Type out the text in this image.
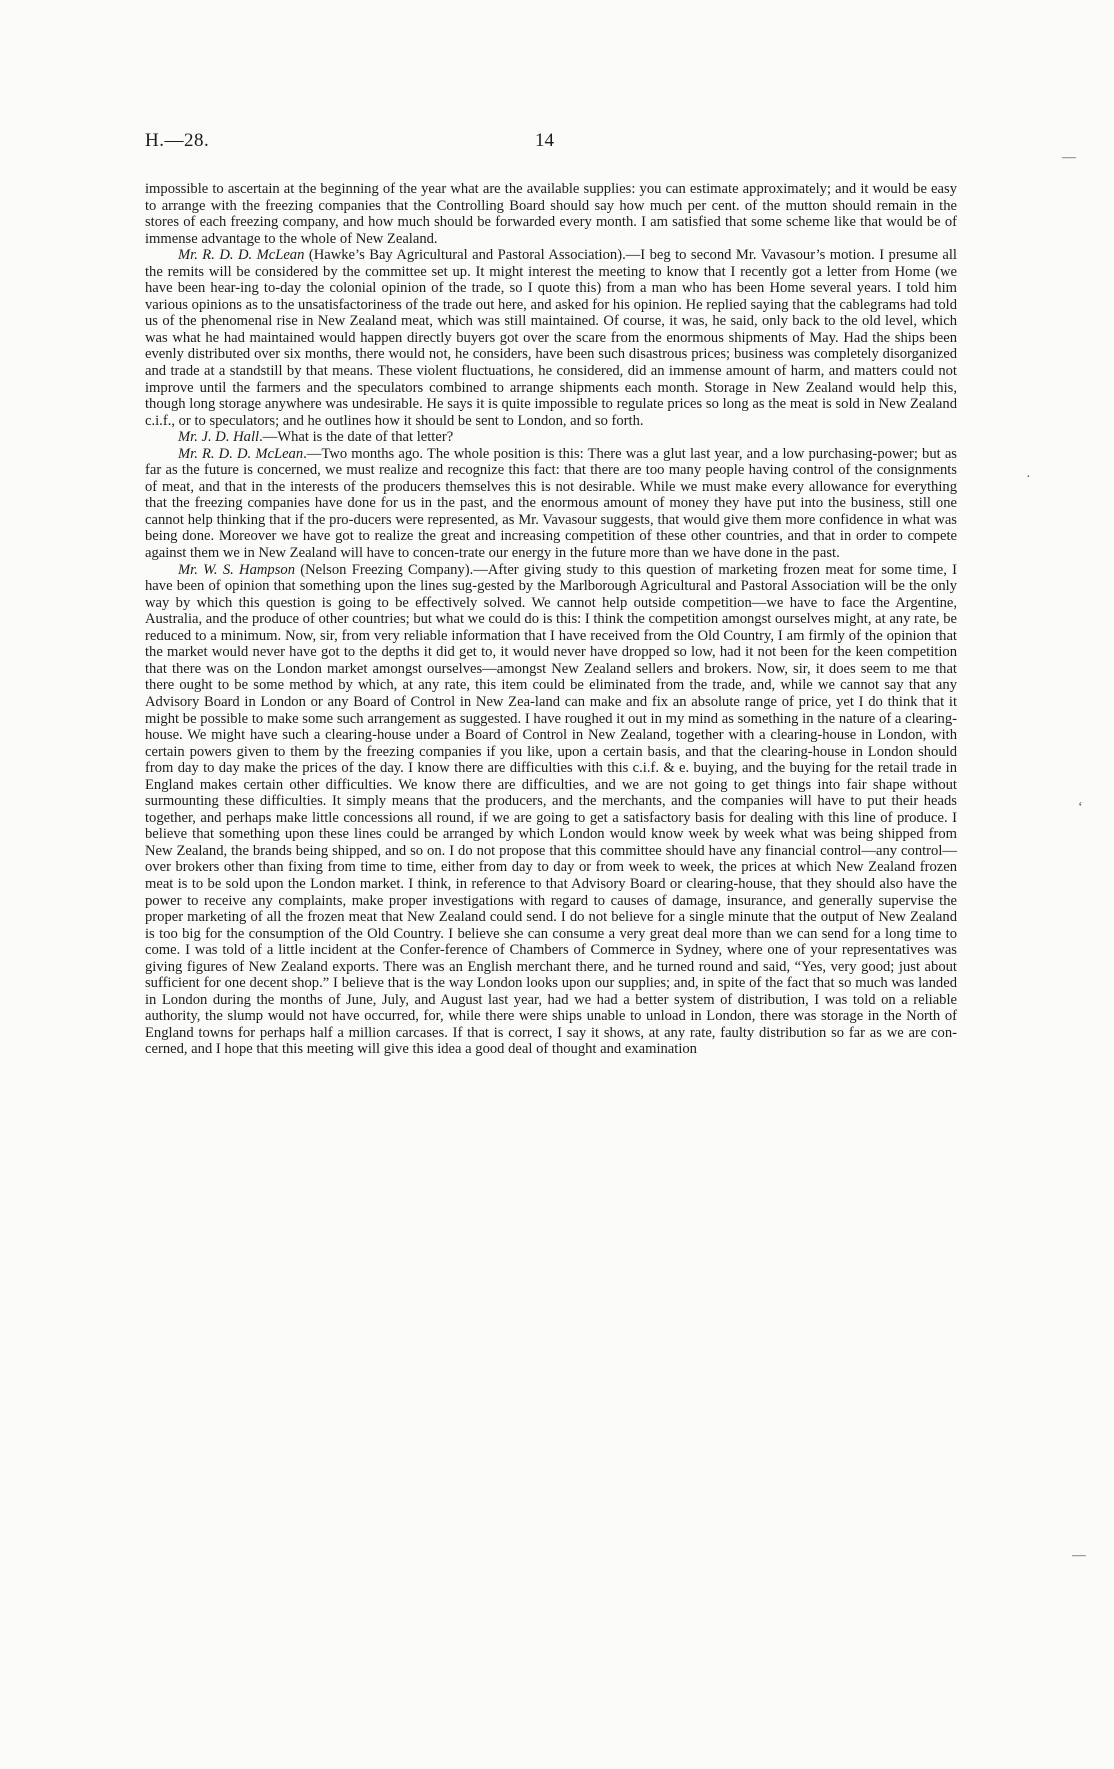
H.—28.	14

impossible to ascertain at the beginning of the year what are the available supplies: you can estimate approximately; and it would be easy to arrange with the freezing companies that the Controlling Board should say how much per cent. of the mutton should remain in the stores of each freezing company, and how much should be forwarded every month. I am satisfied that some scheme like that would be of immense advantage to the whole of New Zealand.

Mr. R. D. D. McLean (Hawke’s Bay Agricultural and Pastoral Association).—I beg to second Mr. Vavasour’s motion. I presume all the remits will be considered by the committee set up. It might interest the meeting to know that I recently got a letter from Home (we have been hear-ing to-day the colonial opinion of the trade, so I quote this) from a man who has been Home several years. I told him various opinions as to the unsatisfactoriness of the trade out here, and asked for his opinion. He replied saying that the cablegrams had told us of the phenomenal rise in New Zealand meat, which was still maintained. Of course, it was, he said, only back to the old level, which was what he had maintained would happen directly buyers got over the scare from the enormous shipments of May. Had the ships been evenly distributed over six months, there would not, he considers, have been such disastrous prices; business was completely disorganized and trade at a standstill by that means. These violent fluctuations, he considered, did an immense amount of harm, and matters could not improve until the farmers and the speculators combined to arrange shipments each month. Storage in New Zealand would help this, though long storage anywhere was undesirable. He says it is quite impossible to regulate prices so long as the meat is sold in New Zealand c.i.f., or to speculators; and he outlines how it should be sent to London, and so forth.

Mr. J. D. Hall.—What is the date of that letter?

Mr. R. D. D. McLean.—Two months ago. The whole position is this: There was a glut last year, and a low purchasing-power; but as far as the future is concerned, we must realize and recognize this fact: that there are too many people having control of the consignments of meat, and that in the interests of the producers themselves this is not desirable. While we must make every allowance for everything that the freezing companies have done for us in the past, and the enormous amount of money they have put into the business, still one cannot help thinking that if the pro-ducers were represented, as Mr. Vavasour suggests, that would give them more confidence in what was being done. Moreover we have got to realize the great and increasing competition of these other countries, and that in order to compete against them we in New Zealand will have to concen-trate our energy in the future more than we have done in the past.

Mr. W. S. Hampson (Nelson Freezing Company).—After giving study to this question of marketing frozen meat for some time, I have been of opinion that something upon the lines sug-gested by the Marlborough Agricultural and Pastoral Association will be the only way by which this question is going to be effectively solved. We cannot help outside competition—we have to face the Argentine, Australia, and the produce of other countries; but what we could do is this: I think the competition amongst ourselves might, at any rate, be reduced to a minimum. Now, sir, from very reliable information that I have received from the Old Country, I am firmly of the opinion that the market would never have got to the depths it did get to, it would never have dropped so low, had it not been for the keen competition that there was on the London market amongst ourselves—amongst New Zealand sellers and brokers. Now, sir, it does seem to me that there ought to be some method by which, at any rate, this item could be eliminated from the trade, and, while we cannot say that any Advisory Board in London or any Board of Control in New Zea-land can make and fix an absolute range of price, yet I do think that it might be possible to make some such arrangement as suggested. I have roughed it out in my mind as something in the nature of a clearing-house. We might have such a clearing-house under a Board of Control in New Zealand, together with a clearing-house in London, with certain powers given to them by the freezing companies if you like, upon a certain basis, and that the clearing-house in London should from day to day make the prices of the day. I know there are difficulties with this c.i.f. & e. buying, and the buying for the retail trade in England makes certain other difficulties. We know there are difficulties, and we are not going to get things into fair shape without surmounting these difficulties. It simply means that the producers, and the merchants, and the companies will have to put their heads together, and perhaps make little concessions all round, if we are going to get a satisfactory basis for dealing with this line of produce. I believe that something upon these lines could be arranged by which London would know week by week what was being shipped from New Zealand, the brands being shipped, and so on. I do not propose that this committee should have any financial control—any control—over brokers other than fixing from time to time, either from day to day or from week to week, the prices at which New Zealand frozen meat is to be sold upon the London market. I think, in reference to that Advisory Board or clearing-house, that they should also have the power to receive any complaints, make proper investigations with regard to causes of damage, insurance, and generally supervise the proper marketing of all the frozen meat that New Zealand could send. I do not believe for a single minute that the output of New Zealand is too big for the consumption of the Old Country. I believe she can consume a very great deal more than we can send for a long time to come. I was told of a little incident at the Confer-ference of Chambers of Commerce in Sydney, where one of your representatives was giving figures of New Zealand exports. There was an English merchant there, and he turned round and said, “Yes, very good; just about sufficient for one decent shop.” I believe that is the way London looks upon our supplies; and, in spite of the fact that so much was landed in London during the months of June, July, and August last year, had we had a better system of distribution, I was told on a reliable authority, the slump would not have occurred, for, while there were ships unable to unload in London, there was storage in the North of England towns for perhaps half a million carcases. If that is correct, I say it shows, at any rate, faulty distribution so far as we are con-cerned, and I hope that this meeting will give this idea a good deal of thought and examination

—
·
‘
—
